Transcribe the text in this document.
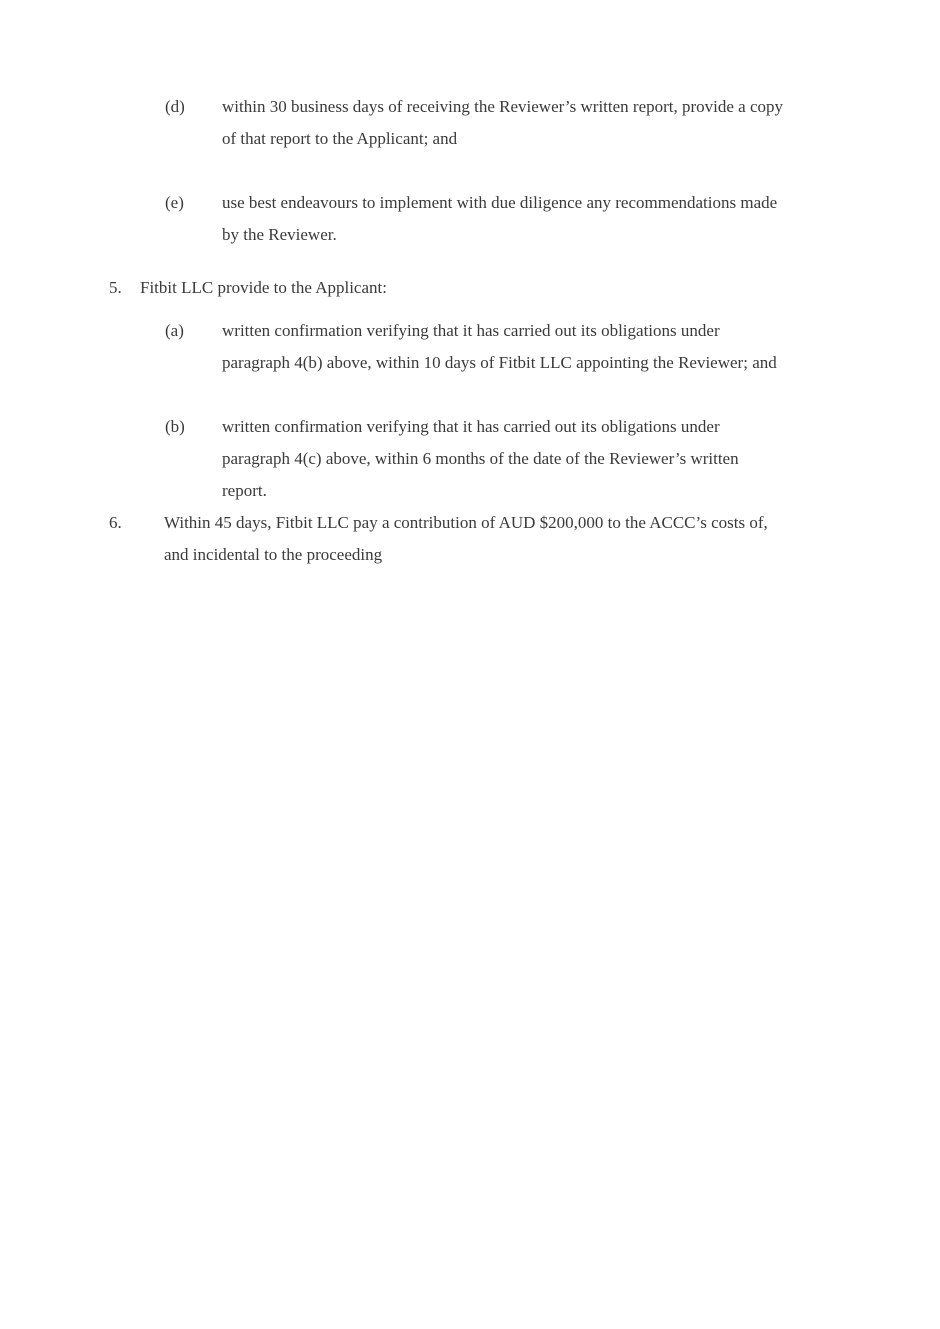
(d) within 30 business days of receiving the Reviewer’s written report, provide a copy
of that report to the Applicant; and
(e) use best endeavours to implement with due diligence any recommendations made
by the Reviewer.
5. Fitbit LLC provide to the Applicant:
(a) written confirmation verifying that it has carried out its obligations under
paragraph 4(b) above, within 10 days of Fitbit LLC appointing the Reviewer; and
(b) written confirmation verifying that it has carried out its obligations under
paragraph 4(c) above, within 6 months of the date of the Reviewer’s written
report.
6. Within 45 days, Fitbit LLC pay a contribution of AUD $200,000 to the ACCC’s costs of,
and incidental to the proceeding
